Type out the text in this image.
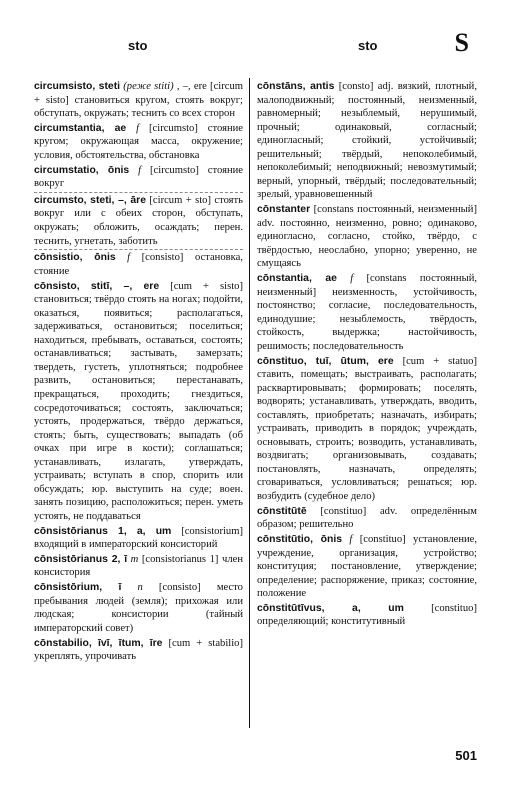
sto	sto	S
circumsisto, steti (реже stiti) , –, ere [circum + sisto] становиться кругом, стоять вокруг; обступать, окружать; теснить со всех сторон
circumstantia, ae f [circumsto] стояние кругом; окружающая масса, окружение; условия, обстоятельства, обстановка
circumstatio, ōnis f [circumsto] стояние вокруг
circumsto, steti, –, āre [circum + sto] стоять вокруг или с обеих сторон, обступать, окружать; обложить, осаждать; перен. теснить, угнетать, заботить
cōnsistio, ōnis f [consisto] остановка, стояние
cōnsisto, stitī, –, ere [cum + sisto] становиться; твёрдо стоять на ногах; подойти, оказаться, появиться; располагаться, задерживаться, остановиться; поселиться; находиться, пребывать, оставаться, состоять; останавливаться; застывать, замерзать; твердеть, густеть, уплотняться; подробнее развить, остановиться; перестанавать, прекращаться, проходить; гнездиться, сосредоточиваться; состоять, заключаться; устоять, продержаться, твёрдо держаться, стоять; быть, существовать; выпадать (об очках при игре в кости); соглашаться; устанавливать, излагать, утверждать, устраивать; вступать в спор, спорить или обсуждать; юр. выступить на суде; воен. занять позицию, расположиться; перен. уметь устоять, не поддаваться
cōnsistōrianus 1, a, um [consistorium] входящий в императорский консисторий
cōnsistōrianus 2, ī m [consistorianus 1] член консистория
cōnsistōrium, ī n [consisto] место пребывания людей (земля); прихожая или людская; консистории (тайный императорский совет)
cōnstabilio, īvī, ītum, īre [cum + stabilio] укреплять, упрочивать
cōnstāns, antis [consto] adj. вязкий, плотный, малоподвижный; постоянный, неизменный, равномерный; незыблемый, нерушимый, прочный; одинаковый, согласный; единогласный; стойкий, устойчивый; решительный; твёрдый, непоколебимый, непоколебимый; неподвижный; невозмутимый; верный, упорный, твёрдый; последовательный; зрелый, уравновешенный
cōnstanter [constans постоянный, неизменный] adv. постоянно, неизменно, ровно; одинаково, единогласно, согласно, стойко, твёрдо, с твёрдостью, неослабно, упорно; уверенно, не смущаясь
cōnstantia, ae f [constans постоянный, неизменный] неизменность, устойчивость, постоянство; согласие, последовательность, единодушие; незыблемость, твёрдость, стойкость, выдержка; настойчивость, решимость; последовательность
cōnstituo, tuī, ūtum, ere [cum + statuo] ставить, помещать; выстраивать, располагать; расквартировывать; формировать; поселять, водворять; устанавливать, утверждать, вводить, составлять, приобретать; назначать, избирать; устраивать, приводить в порядок; учреждать, основывать, строить; возводить, устанавливать, воздвигать; организовывать, создавать; постановлять, назначать, определять; сговариваться, условливаться; решаться; юр. возбудить (судебное дело)
cōnstitūtē [constituo] adv. определённым образом; решительно
cōnstitūtio, ōnis f [constituo] установление, учреждение, организация, устройство; конституция; постановление, утверждение; определение; распоряжение, приказ; состояние, положение
cōnstitūtīvus, a, um	[constituo] определяющий; конститутивный
501
